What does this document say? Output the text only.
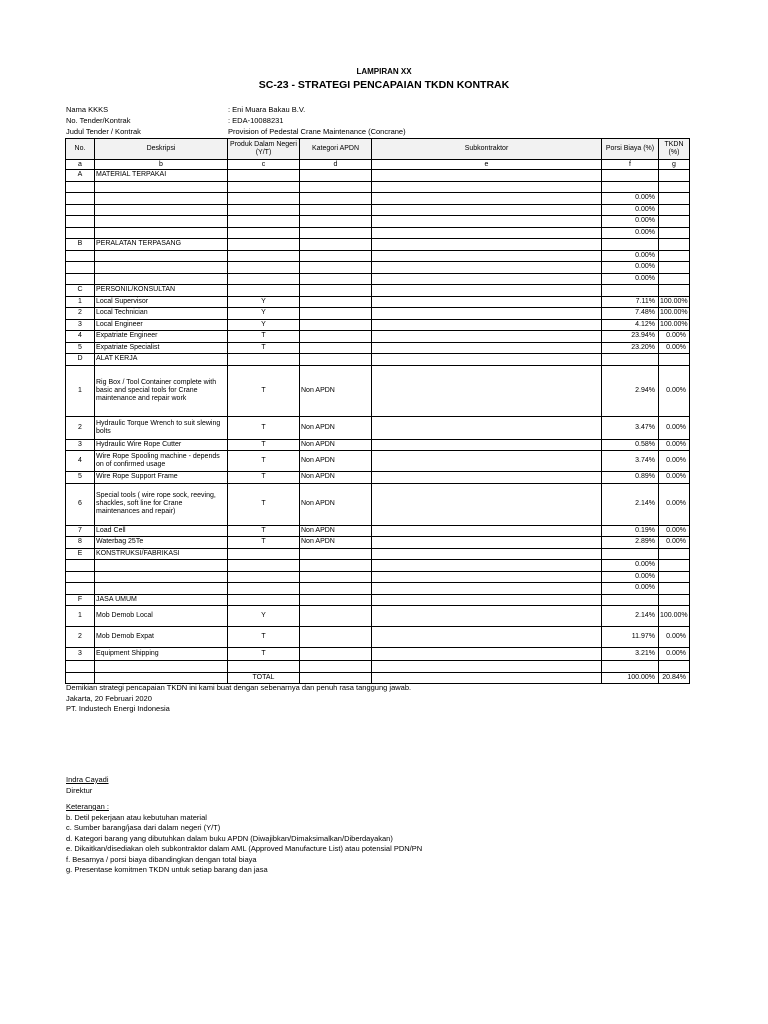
LAMPIRAN XX
SC-23 - STRATEGI PENCAPAIAN TKDN KONTRAK
Nama KKKS	: Eni Muara Bakau B.V.
No. Tender/Kontrak	: EDA-10088231
Judul Tender / Kontrak	Provision of Pedestal Crane Maintenance (Concrane)
No.	Deskripsi	Produk Dalam Negeri (Y/T)	Kategori APDN	Subkontraktor	Porsi Biaya (%)	TKDN (%)
a	b	c	d	e	f	g
A	MATERIAL TERPAKAI					

					0.00%	
					0.00%	
					0.00%	
					0.00%	
B	PERALATAN TERPASANG					
					0.00%	
					0.00%	
					0.00%	
C	PERSONIL/KONSULTAN					
1	Local Supervisor	Y			7.11%	100.00%
2	Local Technician	Y			7.48%	100.00%
3	Local Engineer	Y			4.12%	100.00%
4	Expatriate Engineer	T			23.94%	0.00%
5	Expatriate Specialist	T			23.20%	0.00%
D	ALAT KERJA					
1	Rig Box / Tool Container complete with basic and special tools for Crane maintenance and repair work	T	Non APDN		2.94%	0.00%
2	Hydraulic Torque Wrench to suit slewing bolts	T	Non APDN		3.47%	0.00%
3	Hydraulic Wire Rope Cutter	T	Non APDN		0.58%	0.00%
4	Wire Rope Spooling machine - depends on of confirmed usage	T	Non APDN		3.74%	0.00%
5	Wire Rope Support Frame	T	Non APDN		0.89%	0.00%
6	Special tools ( wire rope sock, reeving, shackles, soft line for Crane maintenances and repair)	T	Non APDN		2.14%	0.00%
7	Load Cell	T	Non APDN		0.19%	0.00%
8	Waterbag 25Te	T	Non APDN		2.89%	0.00%
E	KONSTRUKSI/FABRIKASI					
					0.00%	
					0.00%	
					0.00%	
F	JASA UMUM					
1	Mob Demob Local	Y			2.14%	100.00%
2	Mob Demob Expat	T			11.97%	0.00%
3	Equipment Shipping	T			3.21%	0.00%

		TOTAL			100.00%	20.84%
Demikian strategi pencapaian TKDN ini kami buat dengan sebenarnya dan penuh rasa tanggung jawab.
Jakarta, 20 Februari 2020
PT. Industech Energi Indonesia
Indra Cayadi
Direktur
Keterangan :
b. Detil pekerjaan atau kebutuhan material
c. Sumber barang/jasa dari dalam negeri (Y/T)
d. Kategori barang yang dibutuhkan dalam buku APDN (Diwajibkan/Dimaksimalkan/Diberdayakan)
e. Dikaitkan/disediakan oleh subkontraktor dalam AML (Approved Manufacture List) atau potensial PDN/PN
f. Besarnya / porsi biaya dibandingkan dengan total biaya
g. Presentase komitmen TKDN untuk setiap barang dan jasa
